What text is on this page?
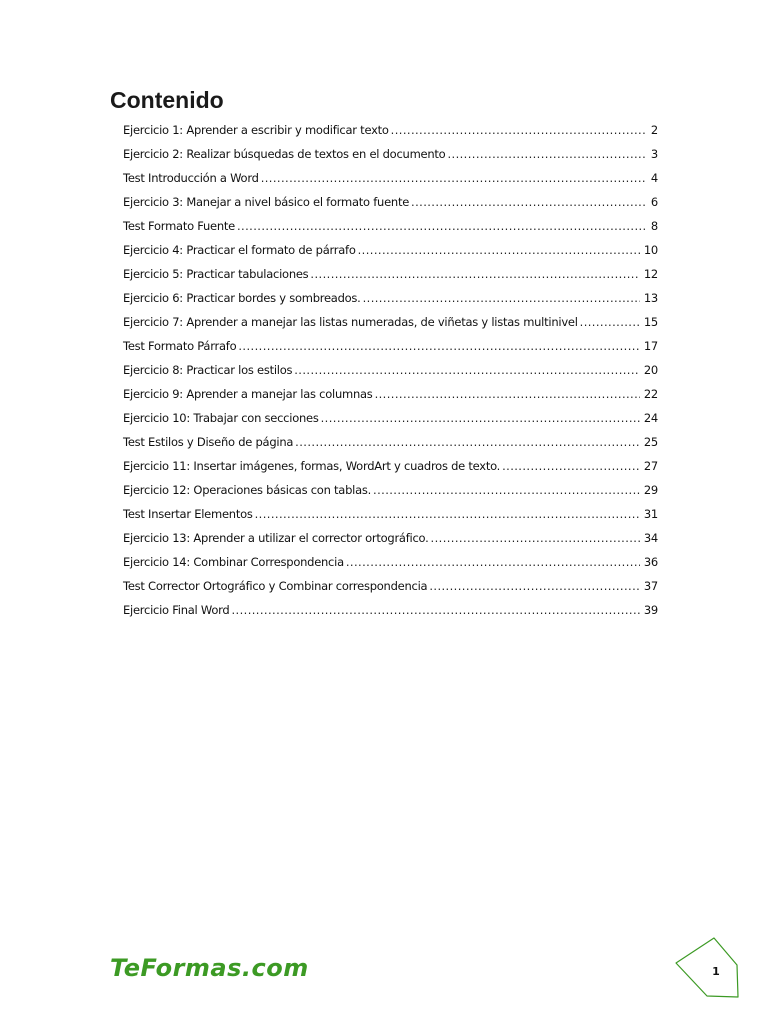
Contenido
Ejercicio 1: Aprender a escribir y modificar texto .....	2
Ejercicio 2: Realizar búsquedas de textos en el documento .....	3
Test Introducción a Word .....	4
Ejercicio 3: Manejar a nivel básico el formato fuente .....	6
Test Formato Fuente .....	8
Ejercicio 4: Practicar el formato de párrafo .....	10
Ejercicio 5: Practicar tabulaciones .....	12
Ejercicio 6: Practicar bordes y sombreados. .....	13
Ejercicio 7: Aprender a manejar las listas numeradas, de viñetas y listas multinivel .....	15
Test Formato Párrafo .....	17
Ejercicio 8: Practicar los estilos .....	20
Ejercicio 9: Aprender a manejar las columnas .....	22
Ejercicio 10: Trabajar con secciones .....	24
Test Estilos y Diseño de página .....	25
Ejercicio 11: Insertar imágenes, formas, WordArt y cuadros de texto. .....	27
Ejercicio 12: Operaciones básicas con tablas. .....	29
Test Insertar Elementos .....	31
Ejercicio 13: Aprender a utilizar el corrector ortográfico. .....	34
Ejercicio 14: Combinar Correspondencia .....	36
Test Corrector Ortográfico y Combinar correspondencia .....	37
Ejercicio Final Word .....	39
TeFormas.com	1
